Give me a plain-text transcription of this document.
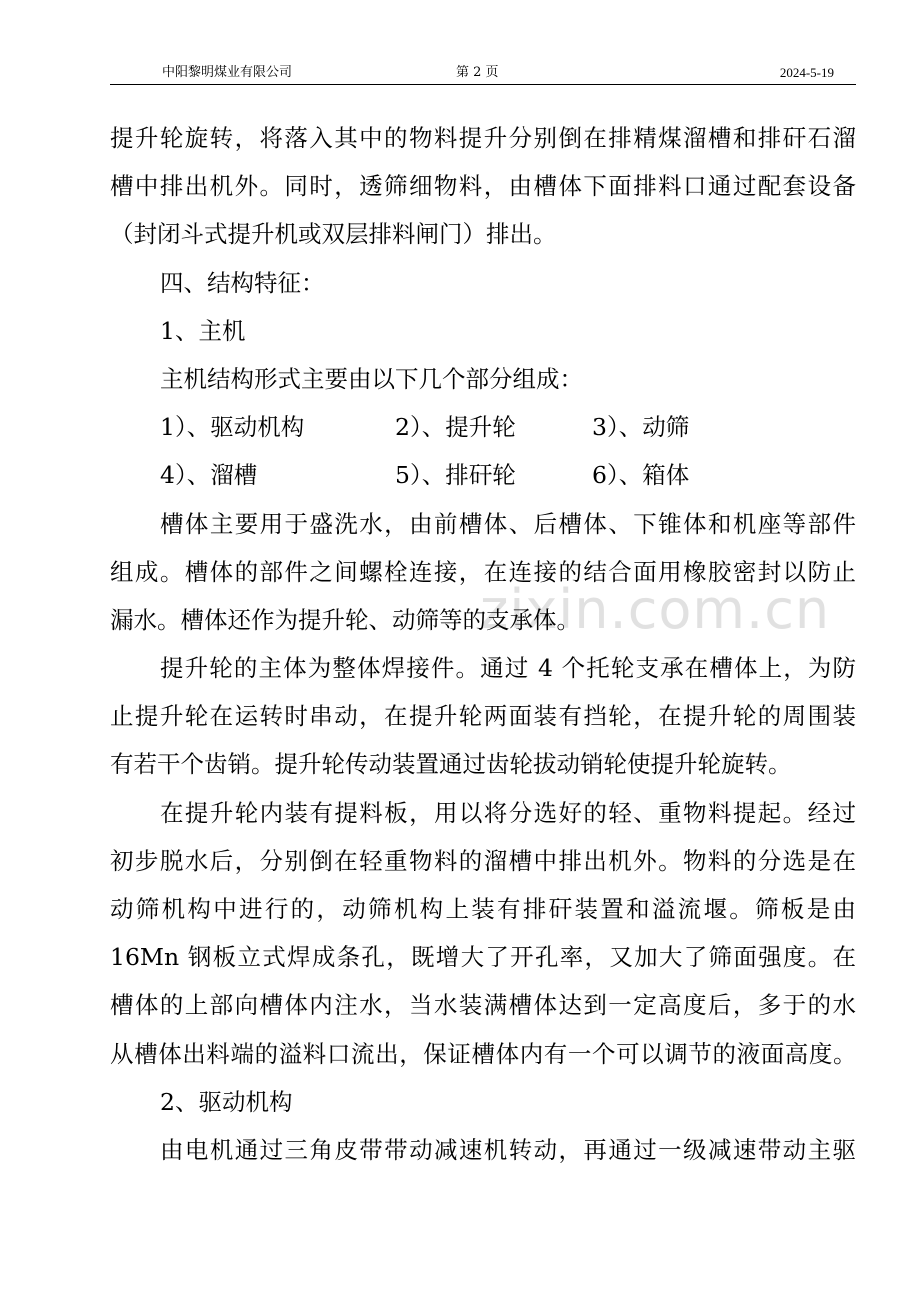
中阳黎明煤业有限公司	第 2 页	2024-5-19
zixin.com.cn
提升轮旋转，将落入其中的物料提升分别倒在排精煤溜槽和排矸石溜
槽中排出机外。同时，透筛细物料，由槽体下面排料口通过配套设备
（封闭斗式提升机或双层排料闸门）排出。
四、结构特征：
1、主机
主机结构形式主要由以下几个部分组成：
1）、驱动机构	2）、提升轮	3）、动筛
4）、溜槽	5）、排矸轮	6）、箱体
槽体主要用于盛洗水，由前槽体、后槽体、下锥体和机座等部件
组成。槽体的部件之间螺栓连接，在连接的结合面用橡胶密封以防止
漏水。槽体还作为提升轮、动筛等的支承体。
提升轮的主体为整体焊接件。通过 4 个托轮支承在槽体上，为防
止提升轮在运转时串动，在提升轮两面装有挡轮，在提升轮的周围装
有若干个齿销。提升轮传动装置通过齿轮拔动销轮使提升轮旋转。
在提升轮内装有提料板，用以将分选好的轻、重物料提起。经过
初步脱水后，分别倒在轻重物料的溜槽中排出机外。物料的分选是在
动筛机构中进行的，动筛机构上装有排矸装置和溢流堰。筛板是由
16Mn 钢板立式焊成条孔，既增大了开孔率，又加大了筛面强度。在
槽体的上部向槽体内注水，当水装满槽体达到一定高度后，多于的水
从槽体出料端的溢料口流出，保证槽体内有一个可以调节的液面高度。
2、驱动机构
由电机通过三角皮带带动减速机转动，再通过一级减速带动主驱
